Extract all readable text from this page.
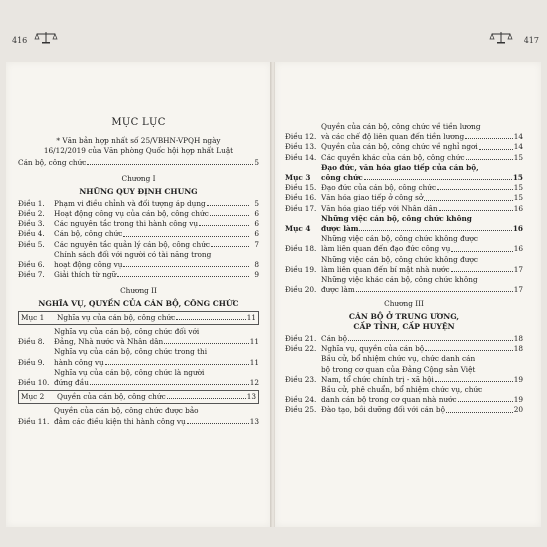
MỤC LỤC
* Văn bản hợp nhất số 25/VBHN-VPQH ngày
16/12/2019 của Văn phòng Quốc hội hợp nhất Luật
Cán bộ, công chức	5
Chương I
NHỮNG QUY ĐỊNH CHUNG
Điều 1.	Phạm vi điều chỉnh và đối tượng áp dụng	5
Điều 2.	Hoạt động công vụ của cán bộ, công chức	6
Điều 3.	Các nguyên tắc trong thi hành công vụ	6
Điều 4.	Cán bộ, công chức	6
Điều 5.	Các nguyên tắc quản lý cán bộ, công chức	7
Điều 6.
Chính sách đối với người có tài năng trong
hoạt động công vụ	8
Điều 7.	Giải thích từ ngữ	9
Chương II
NGHĨA VỤ, QUYỀN CỦA CÁN BỘ, CÔNG CHỨC
Mục 1	Nghĩa vụ của cán bộ, công chức	11
Điều 8.
Nghĩa vụ của cán bộ, công chức đối với
Đảng, Nhà nước và Nhân dân	11
Điều 9.
Nghĩa vụ của cán bộ, công chức trong thi
hành công vụ	11
Điều 10.
Nghĩa vụ của cán bộ, công chức là người
đứng đầu	12
Mục 2	Quyền của cán bộ, công chức	13
Điều 11.
Quyền của cán bộ, công chức được bảo
đảm các điều kiện thi hành công vụ	13
Điều 12.
Quyền của cán bộ, công chức về tiền lương
và các chế độ liên quan đến tiền lương	14
Điều 13. Quyền của cán bộ, công chức về nghỉ ngơi	14
Điều 14. Các quyền khác của cán bộ, công chức	15
Mục 3
Đạo đức, văn hóa giao tiếp của cán bộ,
công chức	15
Điều 15. Đạo đức của cán bộ, công chức	15
Điều 16. Văn hóa giao tiếp ở công sở	15
Điều 17. Văn hóa giao tiếp với Nhân dân	16
Mục 4
Những việc cán bộ, công chức không
được làm	16
Điều 18.
Những việc cán bộ, công chức không được
làm liên quan đến đạo đức công vụ	16
Điều 19.
Những việc cán bộ, công chức không được
làm liên quan đến bí mật nhà nước	17
Điều 20.
Những việc khác cán bộ, công chức không
được làm	17
Chương III
CÁN BỘ Ở TRUNG ƯƠNG,
CẤP TỈNH, CẤP HUYỆN
Điều 21. Cán bộ	18
Điều 22. Nghĩa vụ, quyền của cán bộ	18
Điều 23.
Bầu cử, bổ nhiệm chức vụ, chức danh cán
bộ trong cơ quan của Đảng Cộng sản Việt
Nam, tổ chức chính trị - xã hội	19
Điều 24.
Bầu cử, phê chuẩn, bổ nhiệm chức vụ, chức
danh cán bộ trong cơ quan nhà nước	19
Điều 25. Đào tạo, bồi dưỡng đối với cán bộ	20
416	417
